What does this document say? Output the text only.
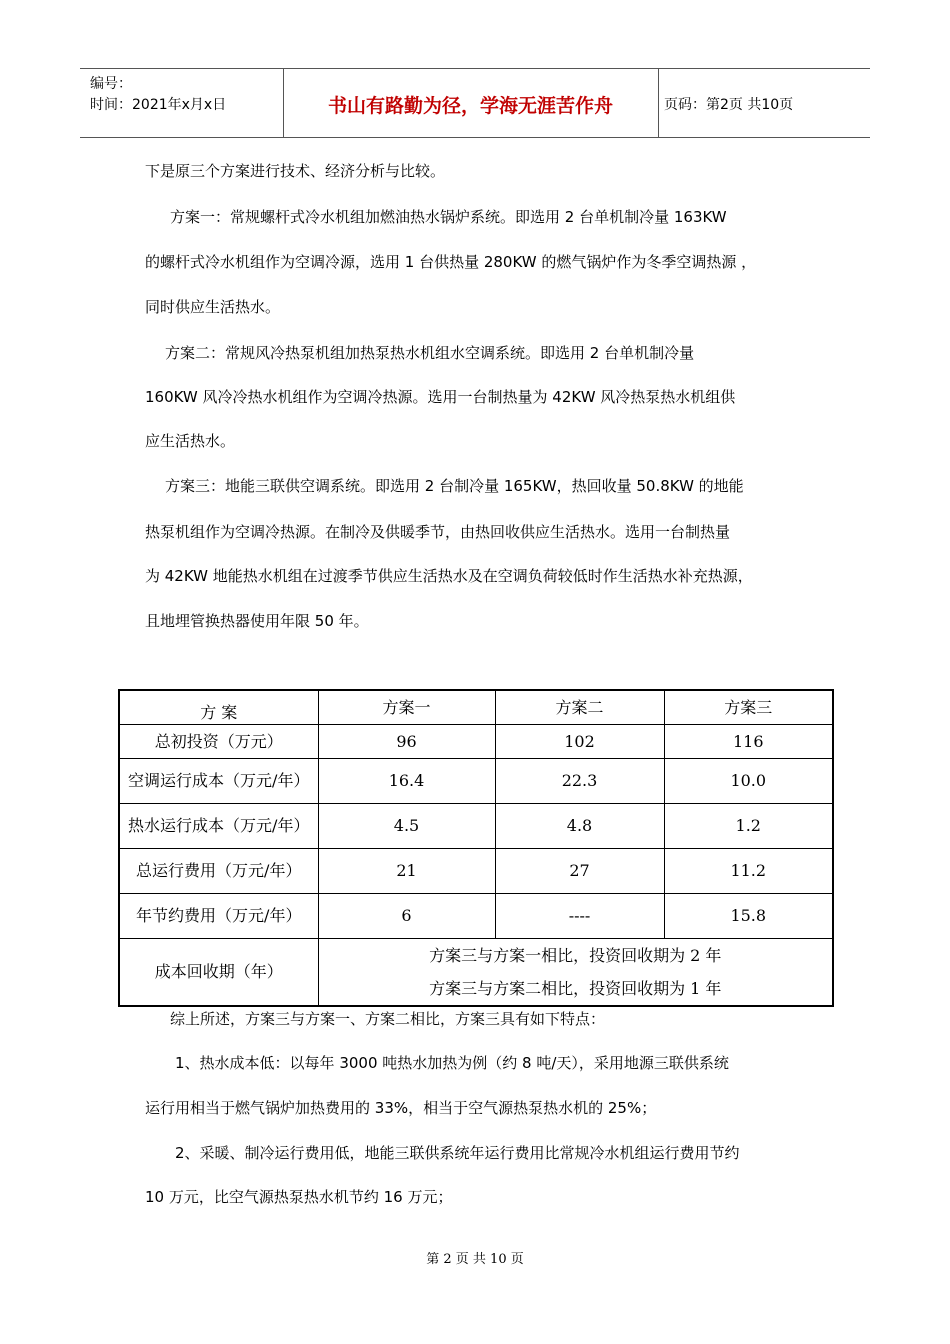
编号：
时间：2021年x月x日	书山有路勤为径，学海无涯苦作舟	页码：第2页 共10页
下是原三个方案进行技术、经济分析与比较。
方案一：常规螺杆式冷水机组加燃油热水锅炉系统。即选用 2 台单机制冷量 163KW
的螺杆式冷水机组作为空调冷源，选用 1 台供热量 280KW 的燃气锅炉作为冬季空调热源 ，
同时供应生活热水。
方案二：常规风冷热泵机组加热泵热水机组水空调系统。即选用 2 台单机制冷量
160KW 风冷冷热水机组作为空调冷热源。选用一台制热量为 42KW 风冷热泵热水机组供
应生活热水。
方案三：地能三联供空调系统。即选用 2 台制冷量 165KW，热回收量 50.8KW 的地能
热泵机组作为空调冷热源。在制冷及供暖季节，由热回收供应生活热水。选用一台制热量
为 42KW 地能热水机组在过渡季节供应生活热水及在空调负荷较低时作生活热水补充热源，
且地埋管换热器使用年限 50 年。
方 案	方案一	方案二	方案三
总初投资（万元）	96	102	116
空调运行成本（万元/年）	16.4	22.3	10.0
热水运行成本（万元/年）	4.5	4.8	1.2
总运行费用（万元/年）	21	27	11.2
年节约费用（万元/年）	6	----	15.8
成本回收期（年）	方案三与方案一相比，投资回收期为 2 年
方案三与方案二相比，投资回收期为 1 年		
综上所述，方案三与方案一、方案二相比，方案三具有如下特点：
1、热水成本低：以每年 3000 吨热水加热为例（约 8 吨/天），采用地源三联供系统
运行用相当于燃气锅炉加热费用的 33%，相当于空气源热泵热水机的 25%；
2、采暖、制冷运行费用低，地能三联供系统年运行费用比常规冷水机组运行费用节约
10 万元，比空气源热泵热水机节约 16 万元；
第 2 页 共 10 页
